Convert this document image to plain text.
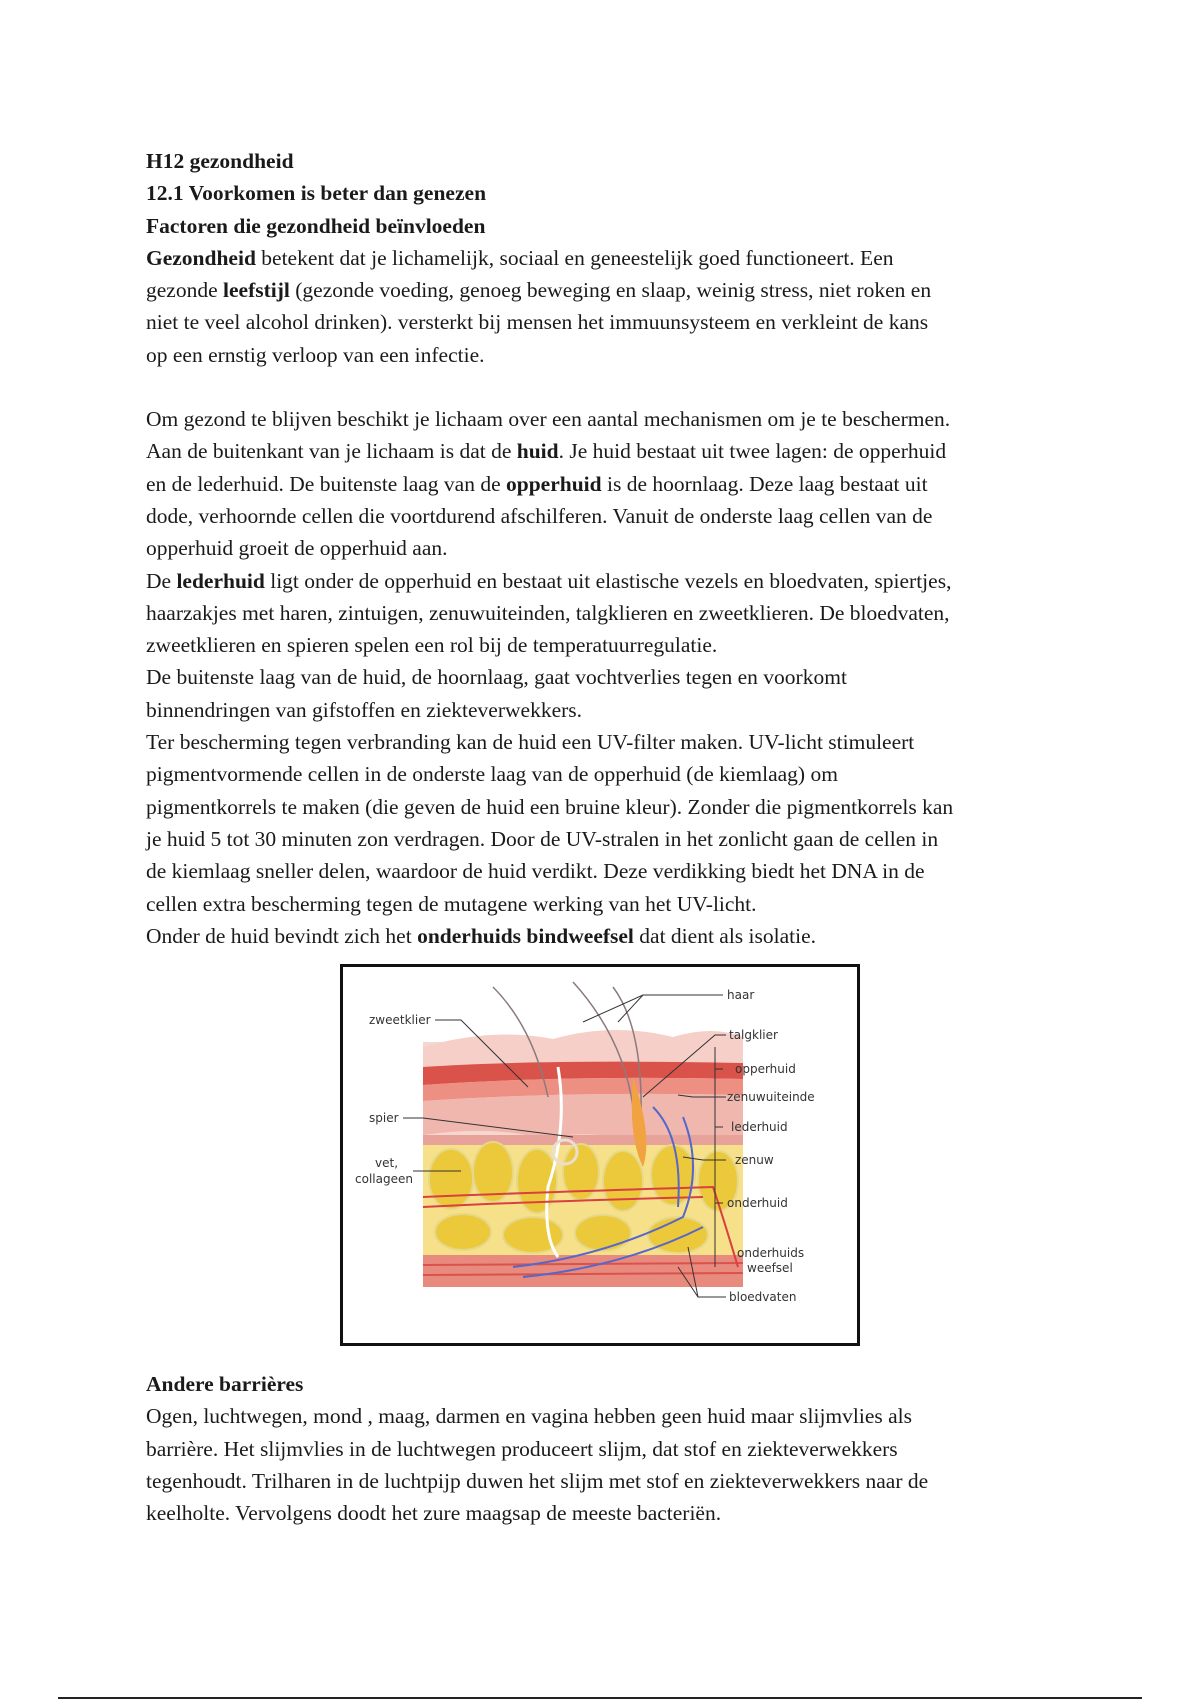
H12 gezondheid
12.1 Voorkomen is beter dan genezen
Factoren die gezondheid beïnvloeden
Gezondheid betekent dat je lichamelijk, sociaal en geneestelijk goed functioneert. Een
gezonde leefstijl (gezonde voeding, genoeg beweging en slaap, weinig stress, niet roken en
niet te veel alcohol drinken). versterkt bij mensen het immuunsysteem en verkleint de kans
op een ernstig verloop van een infectie.
Om gezond te blijven beschikt je lichaam over een aantal mechanismen om je te beschermen.
Aan de buitenkant van je lichaam is dat de huid. Je huid bestaat uit twee lagen: de opperhuid
en de lederhuid. De buitenste laag van de opperhuid is de hoornlaag. Deze laag bestaat uit
dode, verhoornde cellen die voortdurend afschilferen. Vanuit de onderste laag cellen van de
opperhuid groeit de opperhuid aan.
De lederhuid ligt onder de opperhuid en bestaat uit elastische vezels en bloedvaten, spiertjes,
haarzakjes met haren, zintuigen, zenuwuiteinden, talgklieren en zweetklieren. De bloedvaten,
zweetklieren en spieren spelen een rol bij de temperatuurregulatie.
De buitenste laag van de huid, de hoornlaag, gaat vochtverlies tegen en voorkomt
binnendringen van gifstoffen en ziekteverwekkers.
Ter bescherming tegen verbranding kan de huid een UV-filter maken. UV-licht stimuleert
pigmentvormende cellen in de onderste laag van de opperhuid (de kiemlaag) om
pigmentkorrels te maken (die geven de huid een bruine kleur). Zonder die pigmentkorrels kan
je huid 5 tot 30 minuten zon verdragen. Door de UV-stralen in het zonlicht gaan de cellen in
de kiemlaag sneller delen, waardoor de huid verdikt. Deze verdikking biedt het DNA in de
cellen extra bescherming tegen de mutagene werking van het UV-licht.
Onder de huid bevindt zich het onderhuids bindweefsel dat dient als isolatie.
haar
zweetklier
talgklier
opperhuid
zenuwuiteinde
spier
lederhuid
vet,
collageen
zenuw
onderhuid
onderhuids
weefsel
bloedvaten
Andere barrières
Ogen, luchtwegen, mond , maag, darmen en vagina hebben geen huid maar slijmvlies als
barrière. Het slijmvlies in de luchtwegen produceert slijm, dat stof en ziekteverwekkers
tegenhoudt. Trilharen in de luchtpijp duwen het slijm met stof en ziekteverwekkers naar de
keelholte. Vervolgens doodt het zure maagsap de meeste bacteriën.
